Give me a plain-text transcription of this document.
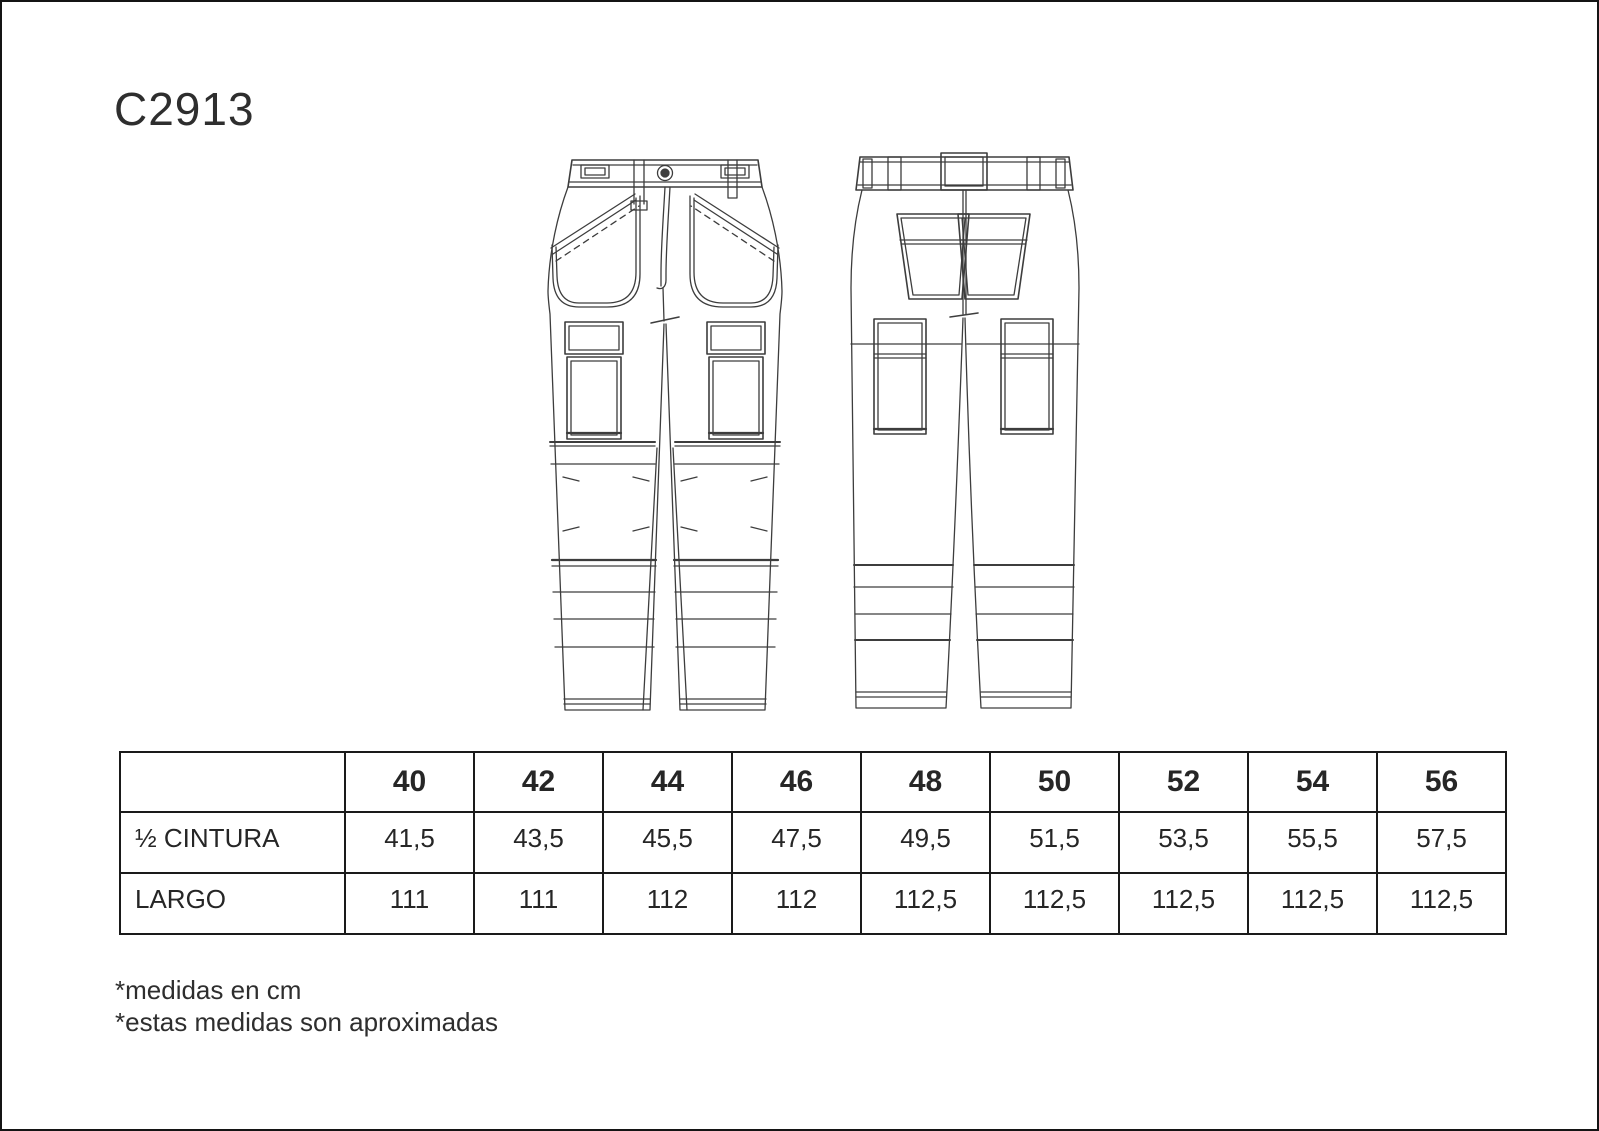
C2913
	40	42	44	46	48	50	52	54	56
½ CINTURA	41,5	43,5	45,5	47,5	49,5	51,5	53,5	55,5	57,5
LARGO	111	111	112	112	112,5	112,5	112,5	112,5	112,5
*medidas en cm
*estas medidas son aproximadas
